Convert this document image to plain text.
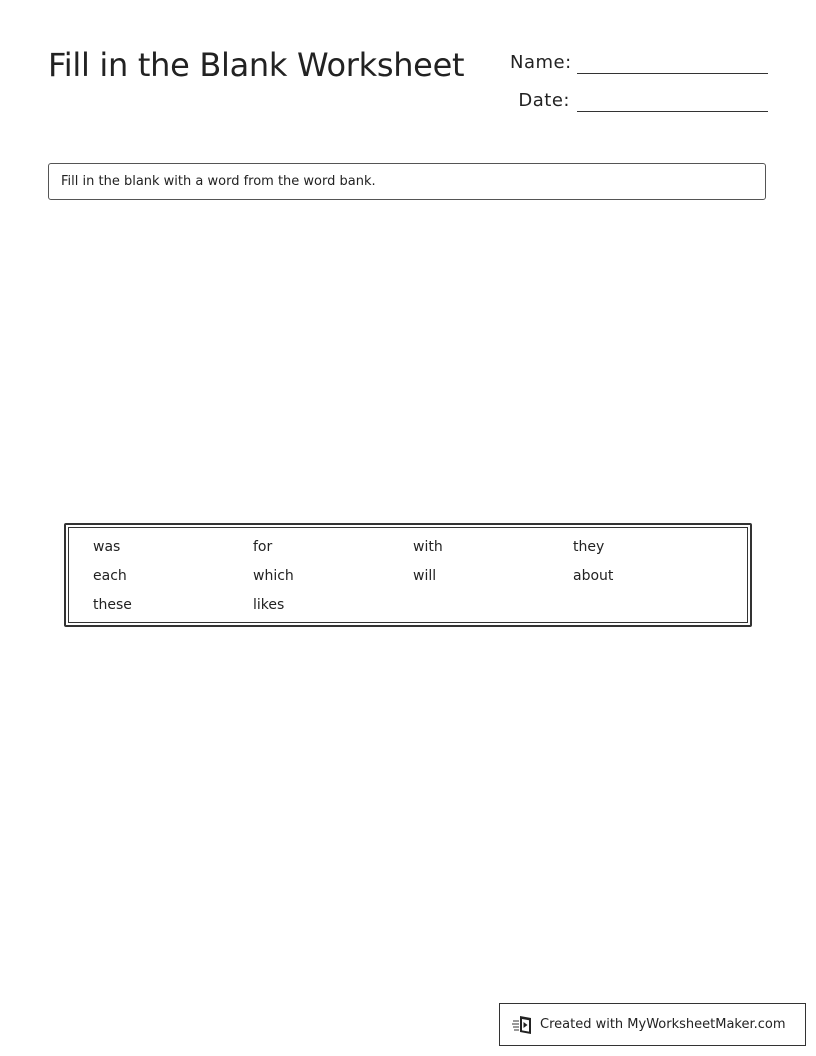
Fill in the Blank Worksheet	Name:
Date:
Fill in the blank with a word from the word bank.
was	for	with	they
each	which	will	about
these	likes
Created with MyWorksheetMaker.com
